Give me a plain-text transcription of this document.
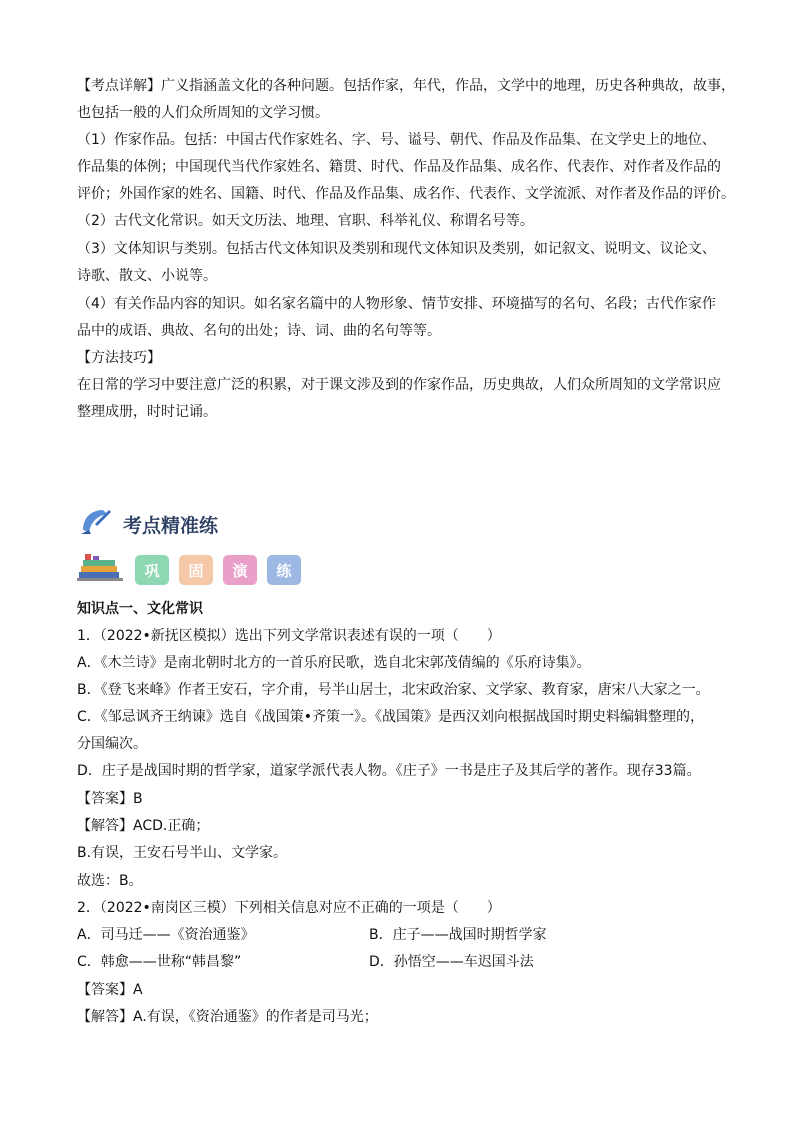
【考点详解】广义指涵盖文化的各种问题。包括作家，年代，作品，文学中的地理，历史各种典故，故事，
也包括一般的人们众所周知的文学习惯。
（1）作家作品。包括：中国古代作家姓名、字、号、谥号、朝代、作品及作品集、在文学史上的地位、
作品集的体例；中国现代当代作家姓名、籍贯、时代、作品及作品集、成名作、代表作、对作者及作品的
评价；外国作家的姓名、国籍、时代、作品及作品集、成名作、代表作、文学流派、对作者及作品的评价。
（2）古代文化常识。如天文历法、地理、官职、科举礼仪、称谓名号等。
（3）文体知识与类别。包括古代文体知识及类别和现代文体知识及类别，如记叙文、说明文、议论文、
诗歌、散文、小说等。
（4）有关作品内容的知识。如名家名篇中的人物形象、情节安排、环境描写的名句、名段；古代作家作
品中的成语、典故、名句的出处；诗、词、曲的名句等等。
【方法技巧】
在日常的学习中要注意广泛的积累，对于课文涉及到的作家作品，历史典故，人们众所周知的文学常识应
整理成册，时时记诵。
考点精准练
巩	固	演	练
知识点一、文化常识
1．（2022•新抚区模拟）选出下列文学常识表述有误的一项（　　）
A．《木兰诗》是南北朝时北方的一首乐府民歌，选自北宋郭茂倩编的《乐府诗集》。
B．《登飞来峰》作者王安石，字介甫，号半山居士，北宋政治家、文学家、教育家，唐宋八大家之一。
C．《邹忌讽齐王纳谏》选自《战国策•齐策一》。《战国策》是西汉刘向根据战国时期史料编辑整理的，
分国编次。
D．庄子是战国时期的哲学家，道家学派代表人物。《庄子》一书是庄子及其后学的著作。现存33篇。
【答案】B
【解答】ACD.正确；
B.有误，王安石号半山、文学家。
故选：B。
2．（2022•南岗区三模）下列相关信息对应不正确的一项是（　　）
A．司马迁——《资治通鉴》	B．庄子——战国时期哲学家
C．韩愈——世称“韩昌黎”	D．孙悟空——车迟国斗法
【答案】A
【解答】A.有误，《资治通鉴》的作者是司马光；
